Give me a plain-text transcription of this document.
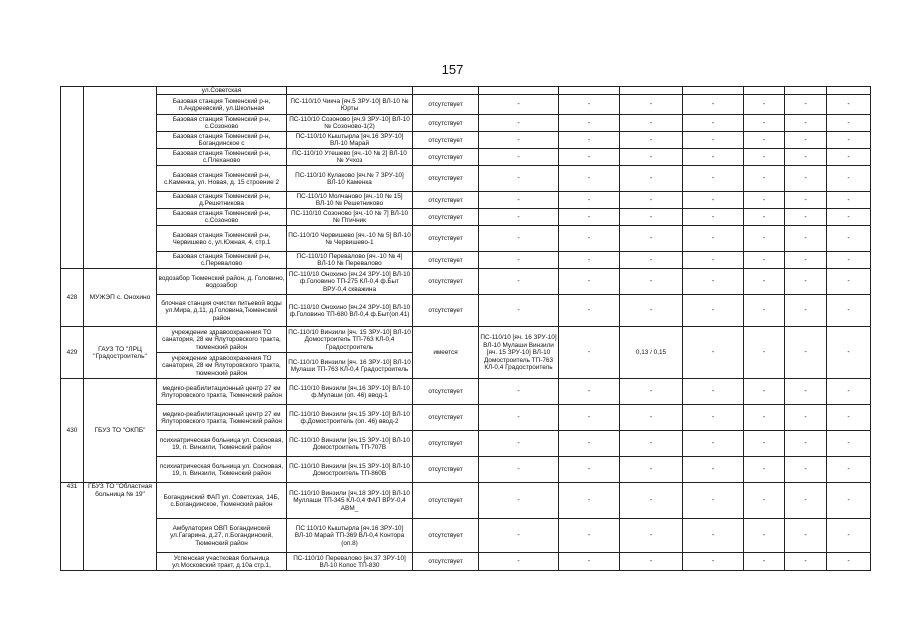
157
		ул.Советская									
		Базовая станция Тюменский р-н, п.Андреевский, ул.Школьная	ПС-110/10 Чикча [яч.5 ЗРУ-10] ВЛ-10 № Юрты	отсутствует	-	-	-	-	-	-	-
		Базовая станция Тюменский р-н, с.Созоново	ПС-110/10 Созоново [яч.9 ЗРУ-10] ВЛ-10 № Созоново-1(2)	отсутствует	-	-	-	-	-	-	-
		Базовая станция Тюменский р-н, Богандинское с	ПС-110/10 Кыштырла [яч.16 ЗРУ-10] ВЛ-10 Марай	отсутствует	-	-	-	-	-	-	-
		Базовая станция Тюменский р-н, с.Плеханово	ПС-110/10 Утешево [яч.-10 № 2] ВЛ-10 № Учхоз	отсутствует	-	-	-	-	-	-	-
		Базовая станция Тюменский р-н, с.Каменка, ул. Новая, д. 15 строение 2	ПС-110/10 Кулаково [яч.№ 7 ЗРУ-10] ВЛ-10 Каменка	отсутствует	-	-	-	-	-	-	-
		Базовая станция Тюменский р-н, д.Решетникова	ПС-110/10 Молчаново [яч.-10 № 15] ВЛ-10 № Решетниково	отсутствует	-	-	-	-	-	-	-
		Базовая станция Тюменский р-н, с.Созоново	ПС-110/10 Созоново [яч.-10 № 7] ВЛ-10 № Птичник	отсутствует	-	-	-	-	-	-	-
		Базовая станция Тюменский р-н, Червишево с, ул.Южная, 4, стр.1	ПС-110/10 Червишево [яч.-10 № 5] ВЛ-10 № Червишево-1	отсутствует	-	-	-	-	-	-	-
		Базовая станция Тюменский р-н, с.Перевалово	ПС-110/10 Перевалово [яч.-10 № 4] ВЛ-10 № Перевалово	отсутствует	-	-	-	-	-	-	-
428	МУЖЭП с. Онохино	водозабор Тюменский район, д. Головино, водозабор	ПС-110/10 Онохино [яч.24 ЗРУ-10] ВЛ-10 ф.Головино ТП-275 КЛ-0,4 ф.Быт ВРУ-0,4 скважина	отсутствует	-	-	-	-	-	-	-
		блочная станция очистки питьевой воды ул.Мира, д.11, д.Головина,Тюменский район	ПС-110/10 Онохино [яч.24 ЗРУ-10] ВЛ-10 ф.Головино ТП-680 ВЛ-0,4 ф.Быт(оп.41)	отсутствует	-	-	-	-	-	-	-
429	ГАУЗ ТО "ЛРЦ "Градостроитель"	учреждение здравоохранения ТО санатория, 28 км Ялуторовского тракта, тюменский район	ПС-110/10 Винзили [яч. 15 ЗРУ-10] ВЛ-10 Домостроитель ТП-763 КЛ-0,4 Градостроитель	имеется	ПС-110/10 [яч. 16 ЗРУ-10] ВЛ-10 Мулаши Винзили [яч. 15 ЗРУ-10] ВЛ-10 Домостроитель ТП-763 КЛ-0,4 Градостроитель	-	0,13 / 0,15	-	-	-	-
		учреждение здравоохранения ТО санатория, 28 км Ялуторовского тракта, тюменский район	ПС-110/10 Винзили [яч. 16 ЗРУ-10] ВЛ-10 Мулаши ТП-763 КЛ-0,4 Градостроитель								
430	ГБУЗ ТО "ОКПБ"	медико-реабилитационный центр 27 км Ялуторовского тракта, Тюменский район	ПС-110/10 Винзили [яч.16 ЗРУ-10] ВЛ-10 ф.Мулаши (оп. 46) ввод-1	отсутствует	-	-	-	-	-	-	-
		медико-реабилитационный центр 27 км Ялуторовского тракта, Тюменский район	ПС-110/10 Винзили [яч.15 ЗРУ-10] ВЛ-10 ф.Домостроитель (оп. 46) ввод-2	отсутствует	-	-	-	-	-	-	-
		психиатрическая больница ул. Сосновая, 19, п. Винзили, Тюменский район	ПС-110/10 Винзили [яч.15 ЗРУ-10] ВЛ-10 Домостроитель ТП-707В	отсутствует	-	-	-	-	-	-	-
		психиатрическая больница ул. Сосновая, 19, п. Винзили, Тюменский район	ПС-110/10 Винзили [яч.15 ЗРУ-10] ВЛ-10 Домостроитель ТП-860В	отсутствует	-	-	-	-	-	-	-
431	ГБУЗ ТО "Областная больница № 19"	Богандинский ФАП ул. Советская, 14Б, с.Богандинское, Тюменский район	ПС-110/10 Винзили [яч.18 ЗРУ-10] ВЛ-10 Муллаши ТП-345 КЛ-0,4 ФАП ВРУ-0,4 АВМ_	отсутствует	-	-	-	-	-	-	-
		Амбулатория ОВП Богандинский ул.Гагарина, д.27, п.Богандинский, Тюменский район	ПС 110/10 Кыштырла [яч.16 ЗРУ-10] ВЛ-10 Марай ТП-369 ВЛ-0,4 Контора (оп.8)	отсутствует	-	-	-	-	-	-	-
		Успенская участковая больница ул.Московский тракт, д.10а стр.1,	ПС-110/10 Перевалово [яч.37 ЗРУ-10] ВЛ-10 Копос ТП-830	отсутствует	-	-	-	-	-	-	-
